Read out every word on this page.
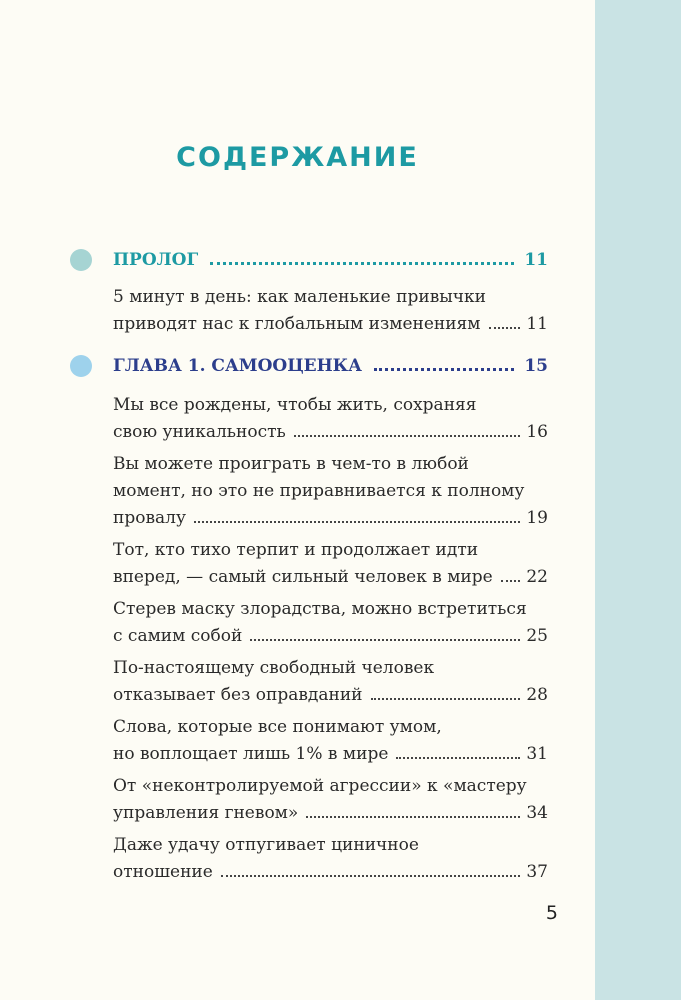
СОДЕРЖАНИЕ
ПРОЛОГ	11
5 минут в день: как маленькие привычки
приводят нас к глобальным изменениям	11
ГЛАВА 1. САМООЦЕНКА	15
Мы все рождены, чтобы жить, сохраняя
свою уникальность	16
Вы можете проиграть в чем-то в любой
момент, но это не приравнивается к полному
провалу	19
Тот, кто тихо терпит и продолжает идти
вперед, — самый сильный человек в мире 22
Стерев маску злорадства, можно встретиться
с самим собой	25
По-настоящему свободный человек
отказывает без оправданий	28
Слова, которые все понимают умом,
но воплощает лишь 1% в мире	31
От «неконтролируемой агрессии» к «мастеру
управления гневом»	34
Даже удачу отпугивает циничное
отношение	37
5
